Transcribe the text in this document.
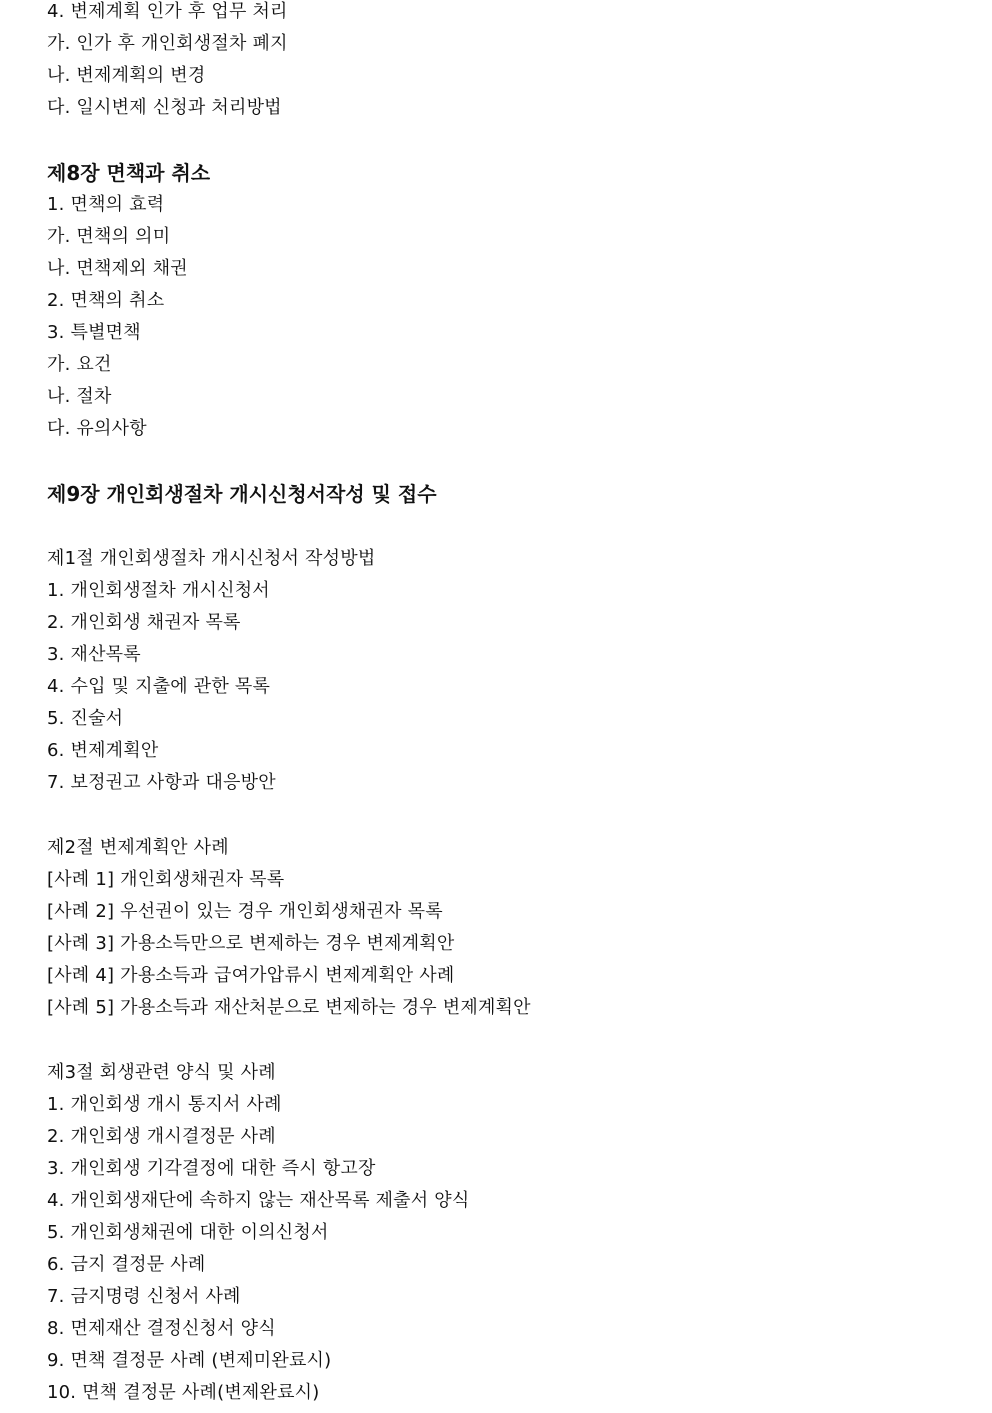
4. 변제계획 인가 후 업무 처리
가. 인가 후 개인회생절차 폐지
나. 변제계획의 변경
다. 일시변제 신청과 처리방법
제8장 면책과 취소
1. 면책의 효력
가. 면책의 의미
나. 면책제외 채권
2. 면책의 취소
3. 특별면책
가. 요건
나. 절차
다. 유의사항
제9장 개인회생절차 개시신청서작성 및 접수
제1절 개인회생절차 개시신청서 작성방법
1. 개인회생절차 개시신청서
2. 개인회생 채권자 목록
3. 재산목록
4. 수입 및 지출에 관한 목록
5. 진술서
6. 변제계획안
7. 보정권고 사항과 대응방안
제2절 변제계획안 사례
[사례 1] 개인회생채권자 목록
[사례 2] 우선권이 있는 경우 개인회생채권자 목록
[사례 3] 가용소득만으로 변제하는 경우 변제계획안
[사례 4] 가용소득과 급여가압류시 변제계획안 사례
[사례 5] 가용소득과 재산처분으로 변제하는 경우 변제계획안
제3절 회생관련 양식 및 사례
1. 개인회생 개시 통지서 사례
2. 개인회생 개시결정문 사례
3. 개인회생 기각결정에 대한 즉시 항고장
4. 개인회생재단에 속하지 않는 재산목록 제출서 양식
5. 개인회생채권에 대한 이의신청서
6. 금지 결정문 사례
7. 금지명령 신청서 사례
8. 면제재산 결정신청서 양식
9. 면책 결정문 사례 (변제미완료시)
10. 면책 결정문 사례(변제완료시)
